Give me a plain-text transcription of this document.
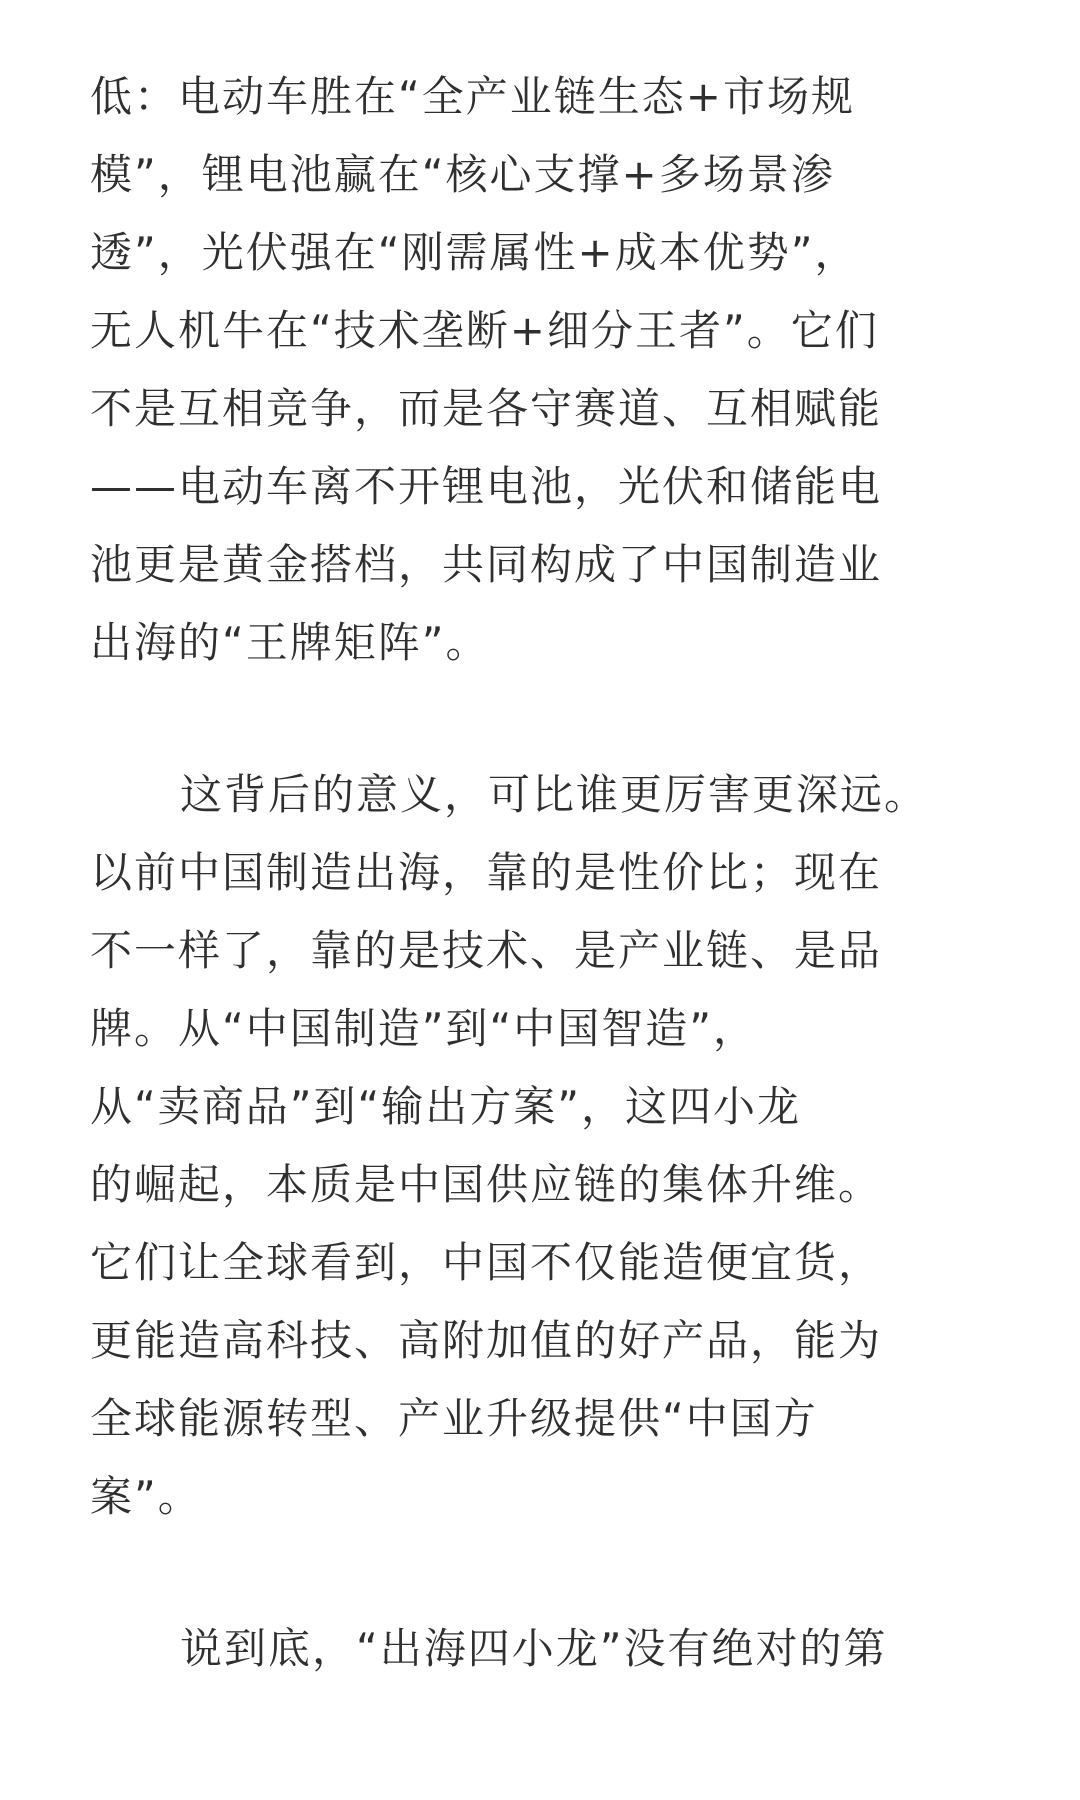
低：电动车胜在“全产业链生态+市场规
模”，锂电池赢在“核心支撑+多场景渗
透”，光伏强在“刚需属性+成本优势”，
无人机牛在“技术垄断+细分王者”。它们
不是互相竞争，而是各守赛道、互相赋能
——电动车离不开锂电池，光伏和储能电
池更是黄金搭档，共同构成了中国制造业
出海的“王牌矩阵”。
这背后的意义，可比谁更厉害更深远。
以前中国制造出海，靠的是性价比；现在
不一样了，靠的是技术、是产业链、是品
牌。从“中国制造”到“中国智造”，
从“卖商品”到“输出方案”，这四小龙
的崛起，本质是中国供应链的集体升维。
它们让全球看到，中国不仅能造便宜货，
更能造高科技、高附加值的好产品，能为
全球能源转型、产业升级提供“中国方
案”。
说到底，“出海四小龙”没有绝对的第
